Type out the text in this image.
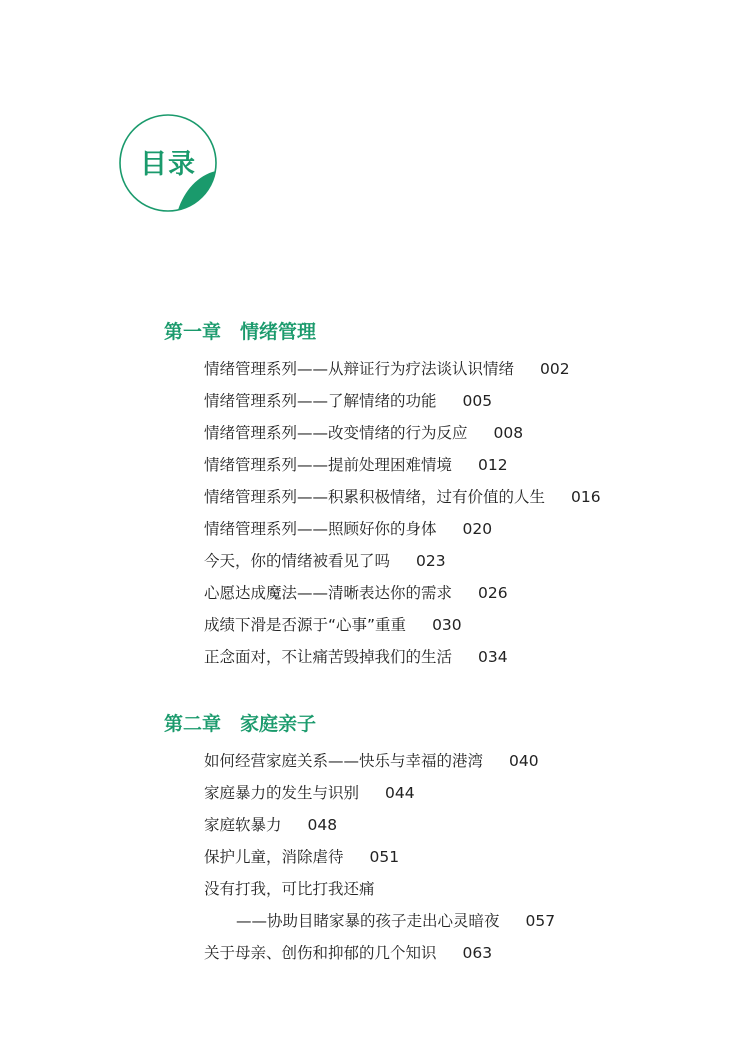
目录
第一章　情绪管理
情绪管理系列——从辩证行为疗法谈认识情绪 002
情绪管理系列——了解情绪的功能 005
情绪管理系列——改变情绪的行为反应 008
情绪管理系列——提前处理困难情境 012
情绪管理系列——积累积极情绪，过有价值的人生 016
情绪管理系列——照顾好你的身体 020
今天，你的情绪被看见了吗 023
心愿达成魔法——清晰表达你的需求 026
成绩下滑是否源于“心事”重重 030
正念面对，不让痛苦毁掉我们的生活 034
第二章　家庭亲子
如何经营家庭关系——快乐与幸福的港湾 040
家庭暴力的发生与识别 044
家庭软暴力 048
保护儿童，消除虐待 051
没有打我，可比打我还痛
——协助目睹家暴的孩子走出心灵暗夜 057
关于母亲、创伤和抑郁的几个知识 063
